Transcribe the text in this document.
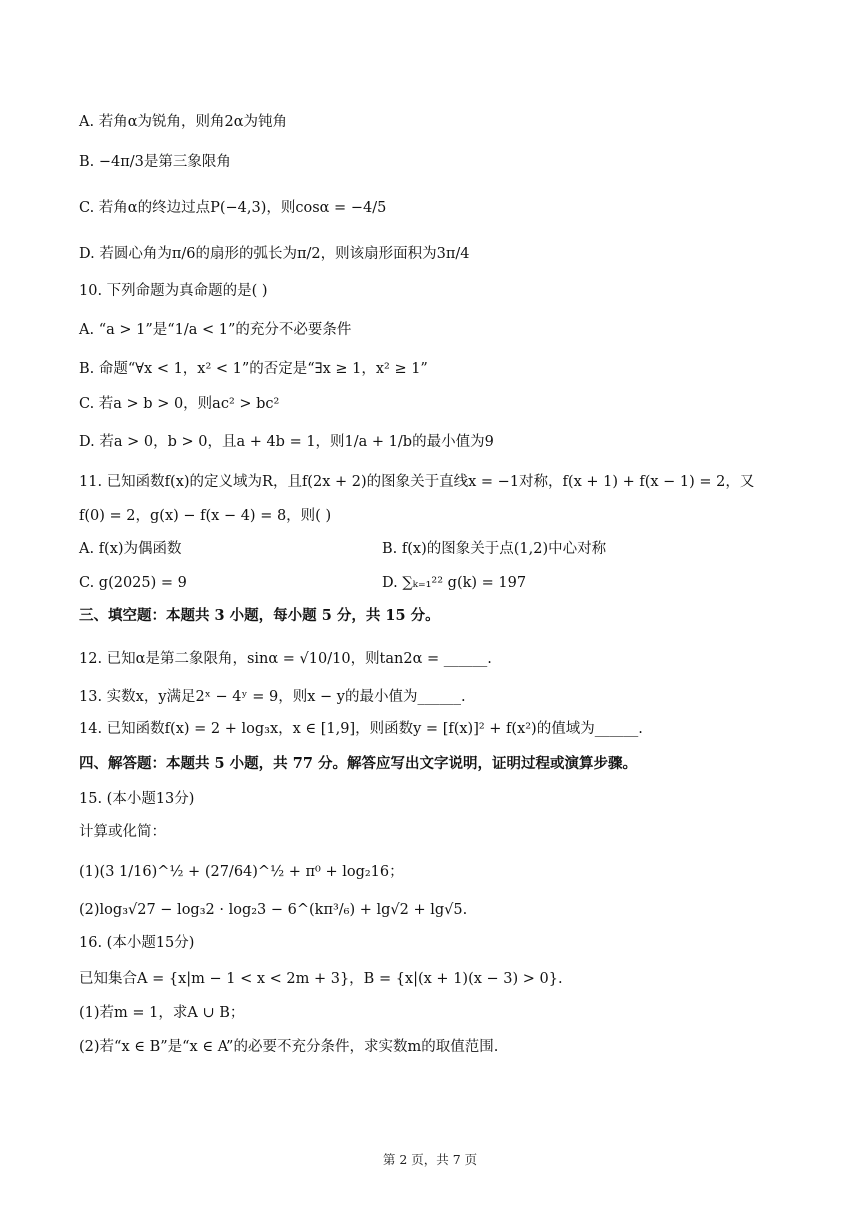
A. 若角α为锐角，则角2α为钝角
B. −4π/3是第三象限角
C. 若角α的终边过点P(−4,3)，则cosα = −4/5
D. 若圆心角为π/6的扇形的弧长为π/2，则该扇形面积为3π/4
10. 下列命题为真命题的是( )
A. “a > 1”是“1/a < 1”的充分不必要条件
B. 命题“∀x < 1，x² < 1”的否定是“∃x ≥ 1，x² ≥ 1”
C. 若a > b > 0，则ac² > bc²
D. 若a > 0，b > 0，且a + 4b = 1，则1/a + 1/b的最小值为9
11. 已知函数f(x)的定义域为R，且f(2x + 2)的图象关于直线x = −1对称，f(x + 1) + f(x − 1) = 2，又
f(0) = 2，g(x) − f(x − 4) = 8，则( )
A. f(x)为偶函数	B. f(x)的图象关于点(1,2)中心对称
C. g(2025) = 9	D. ∑ₖ₌₁²² g(k) = 197
三、填空题：本题共 3 小题，每小题 5 分，共 15 分。
12. 已知α是第二象限角，sinα = √10/10，则tan2α = ______.
13. 实数x，y满足2ˣ − 4ʸ = 9，则x − y的最小值为______.
14. 已知函数f(x) = 2 + log₃x，x ∈ [1,9]，则函数y = [f(x)]² + f(x²)的值域为______.
四、解答题：本题共 5 小题，共 77 分。解答应写出文字说明，证明过程或演算步骤。
15. (本小题13分)
计算或化简：
(1)(3 1/16)^½ + (27/64)^½ + π⁰ + log₂16；
(2)log₃√27 − log₃2 · log₂3 − 6^(kπ³/₆) + lg√2 + lg√5.
16. (本小题15分)
已知集合A = {x|m − 1 < x < 2m + 3}，B = {x|(x + 1)(x − 3) > 0}.
(1)若m = 1，求A ∪ B；
(2)若“x ∈ B”是“x ∈ A”的必要不充分条件，求实数m的取值范围.
第 2 页，共 7 页
